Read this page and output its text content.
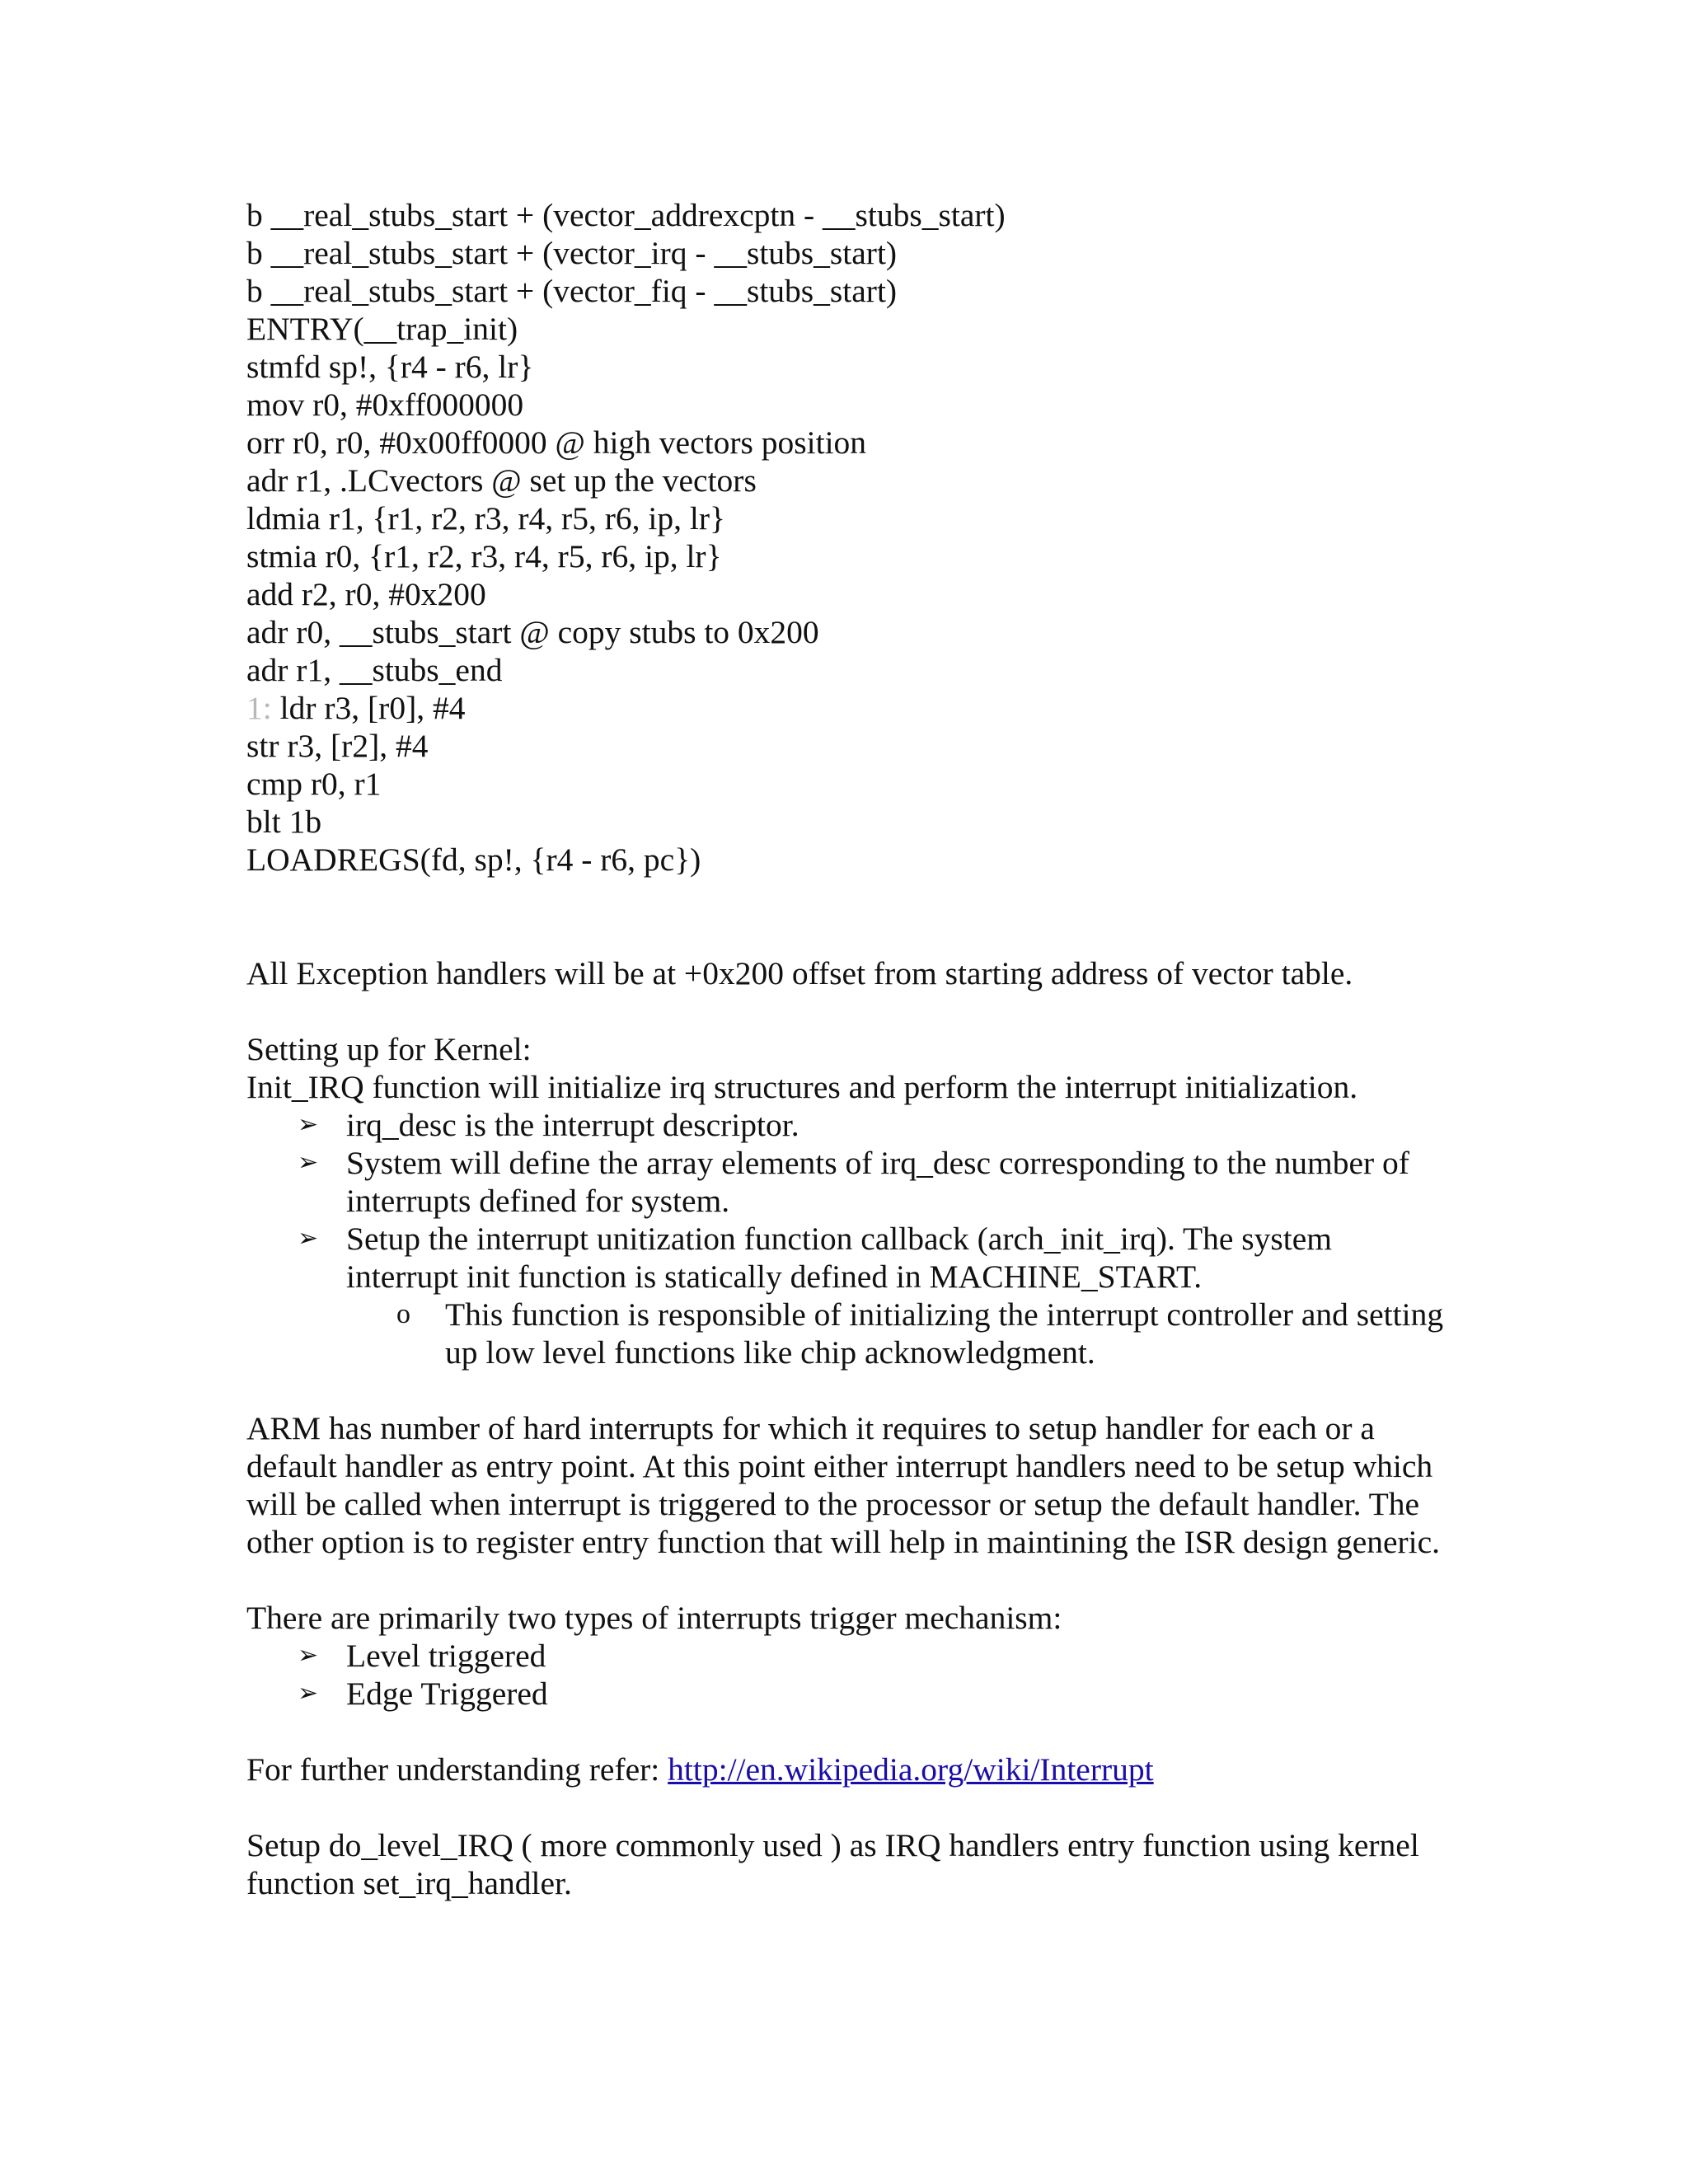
b __real_stubs_start + (vector_addrexcptn - __stubs_start)
b __real_stubs_start + (vector_irq - __stubs_start)
b __real_stubs_start + (vector_fiq - __stubs_start)
ENTRY(__trap_init)
stmfd sp!, {r4 - r6, lr}
mov r0, #0xff000000
orr r0, r0, #0x00ff0000 @ high vectors position
adr r1, .LCvectors @ set up the vectors
ldmia r1, {r1, r2, r3, r4, r5, r6, ip, lr}
stmia r0, {r1, r2, r3, r4, r5, r6, ip, lr}
add r2, r0, #0x200
adr r0, __stubs_start @ copy stubs to 0x200
adr r1, __stubs_end
1: ldr r3, [r0], #4
str r3, [r2], #4
cmp r0, r1
blt 1b
LOADREGS(fd, sp!, {r4 - r6, pc})

All Exception handlers will be at +0x200 offset from starting address of vector table.

Setting up for Kernel:

Init_IRQ function will initialize irq structures and perform the interrupt initialization.

➢ irq_desc is the interrupt descriptor.
➢ System will define the array elements of irq_desc corresponding to the number of interrupts defined for system.
➢ Setup the interrupt unitization function callback (arch_init_irq). The system interrupt init function is statically defined in MACHINE_START.
o This function is responsible of initializing the interrupt controller and setting up low level functions like chip acknowledgment.

ARM has number of hard interrupts for which it requires to setup handler for each or a default handler as entry point. At this point either interrupt handlers need to be setup which will be called when interrupt is triggered to the processor or setup the default handler. The other option is to register entry function that will help in maintining the ISR design generic.

There are primarily two types of interrupts trigger mechanism:

➢ Level triggered
➢ Edge Triggered

For further understanding refer: http://en.wikipedia.org/wiki/Interrupt

Setup do_level_IRQ ( more commonly used ) as IRQ handlers entry function using kernel function set_irq_handler.
